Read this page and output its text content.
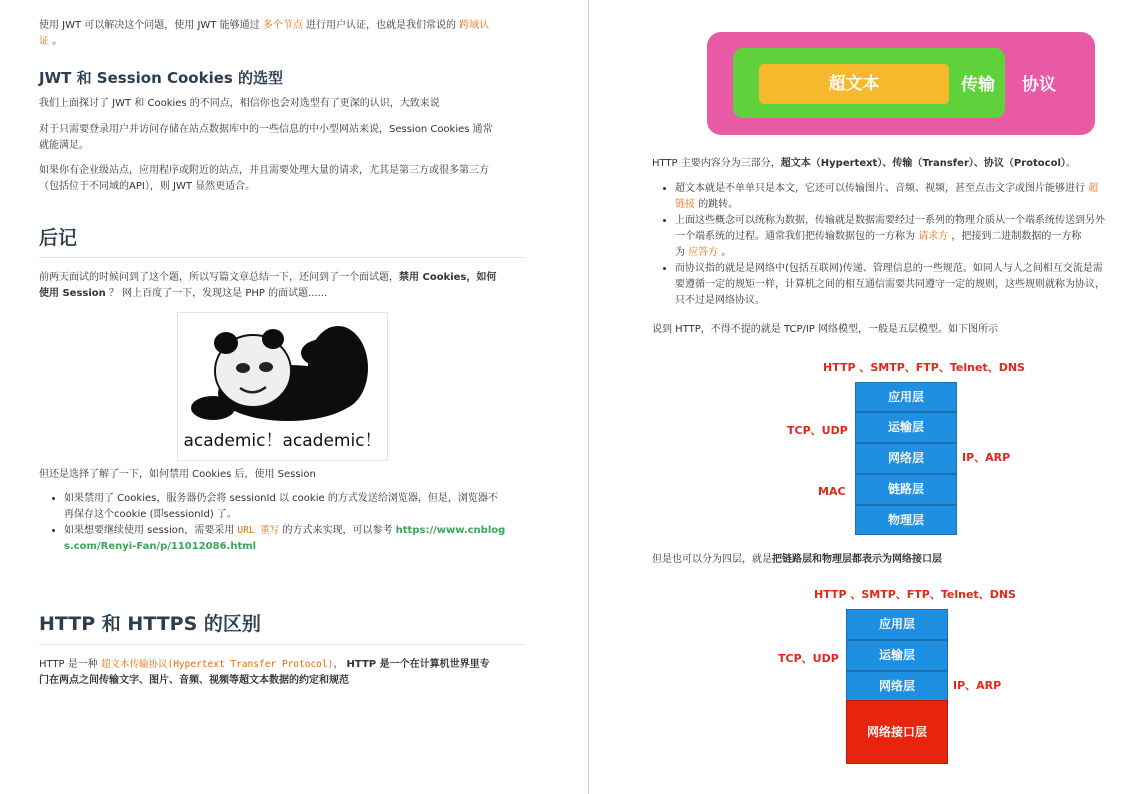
使用 JWT 可以解决这个问题，使用 JWT 能够通过 多个节点 进行用户认证，也就是我们常说的 跨域认
证 。
JWT 和 Session Cookies 的选型
我们上面探讨了 JWT 和 Cookies 的不同点，相信你也会对选型有了更深的认识，大致来说
对于只需要登录用户并访问存储在站点数据库中的一些信息的中小型网站来说，Session Cookies 通常
就能满足。
如果你有企业级站点，应用程序或附近的站点，并且需要处理大量的请求，尤其是第三方或很多第三方
（包括位于不同域的API），则 JWT 显然更适合。
后记
前两天面试的时候问到了这个题，所以写篇文章总结一下，还问到了一个面试题，禁用 Cookies，如何
使用 Session ？ 网上百度了一下，发现这是 PHP 的面试题......
academic！academic！
但还是选择了解了一下，如何禁用 Cookies 后，使用 Session
• 如果禁用了 Cookies，服务器仍会将 sessionId 以 cookie 的方式发送给浏览器，但是，浏览器不
再保存这个cookie (即sessionId) 了。
• 如果想要继续使用 session，需要采用 URL 重写 的方式来实现，可以参考 https://www.cnblog
s.com/Renyi-Fan/p/11012086.html
HTTP 和 HTTPS 的区别
HTTP 是一种 超文本传输协议(Hypertext Transfer Protocol)， HTTP 是一个在计算机世界里专
门在两点之间传输文字、图片、音频、视频等超文本数据的约定和规范
超文本	传输 协议
HTTP 主要内容分为三部分，超文本（Hypertext）、传输（Transfer）、协议（Protocol）。
• 超文本就是不单单只是本文，它还可以传输图片、音频、视频，甚至点击文字或图片能够进行 超
链接 的跳转。
• 上面这些概念可以统称为数据，传输就是数据需要经过一系列的物理介质从一个端系统传送到另外
一个端系统的过程。通常我们把传输数据包的一方称为 请求方 ，把接到二进制数据的一方称
为 应答方 。
• 而协议指的就是是网络中(包括互联网)传递、管理信息的一些规范。如同人与人之间相互交流是需
要遵循一定的规矩一样，计算机之间的相互通信需要共同遵守一定的规则，这些规则就称为协议，
只不过是网络协议。
说到 HTTP，不得不提的就是 TCP/IP 网络模型，一般是五层模型。如下图所示
HTTP 、SMTP、FTP、Telnet、DNS
TCP、UDP
IP、ARP
MAC
应用层
运输层
网络层
链路层
物理层
但是也可以分为四层，就是把链路层和物理层都表示为网络接口层
HTTP 、SMTP、FTP、Telnet、DNS
TCP、UDP
IP、ARP
应用层
运输层
网络层
网络接口层
